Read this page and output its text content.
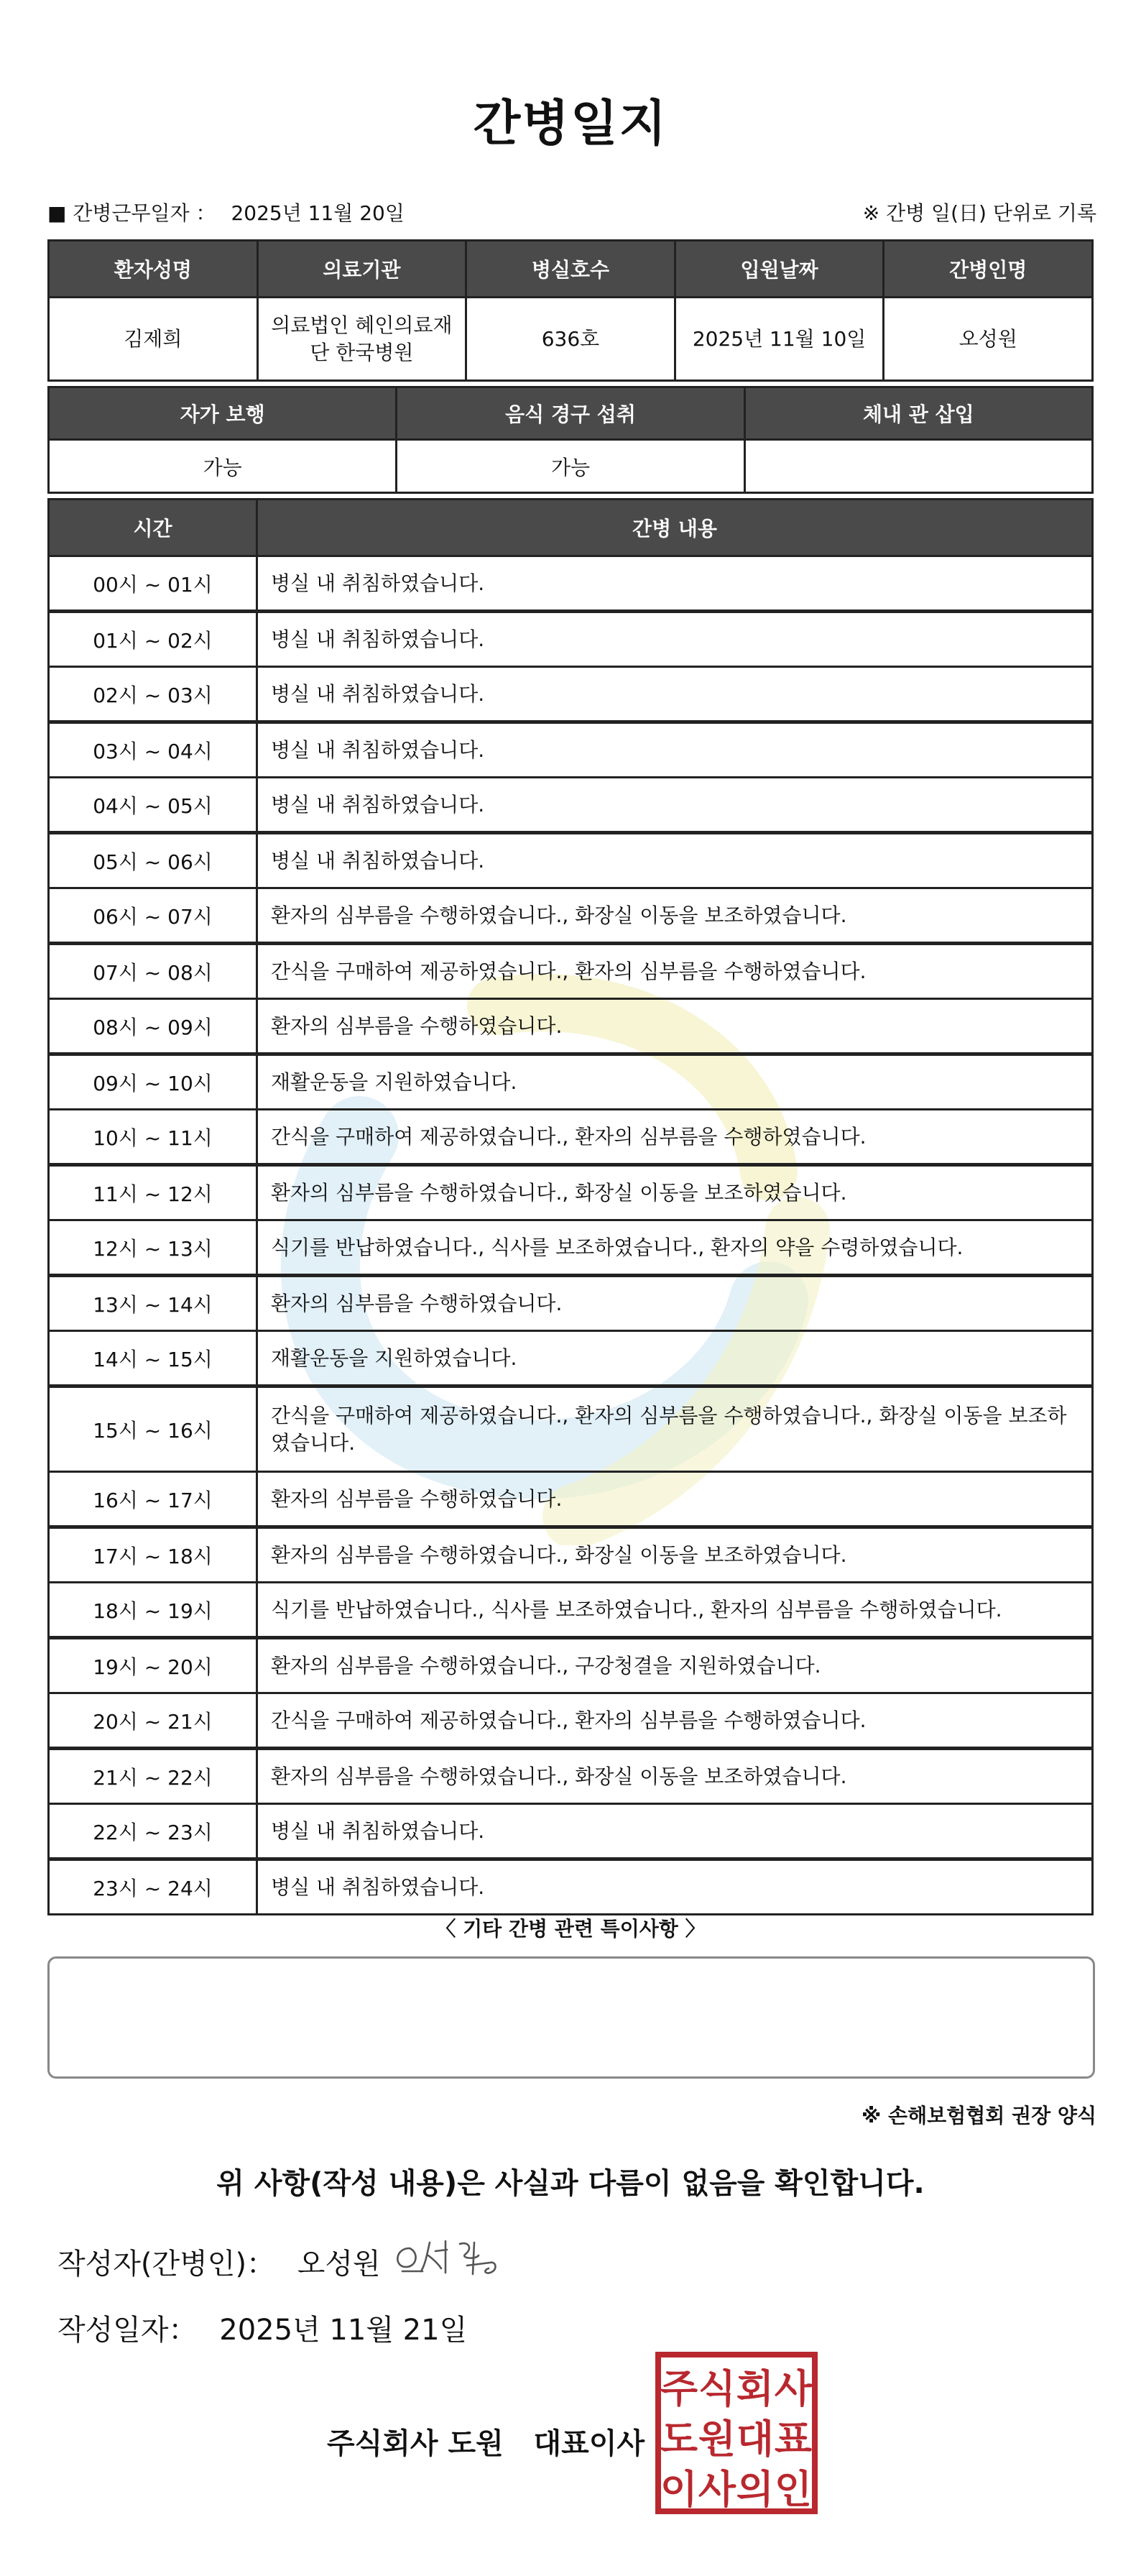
간병일지
■ 간병근무일자 ： 2025년 11월 20일	※ 간병 일(日) 단위로 기록
환자성명	의료기관	병실호수	입원날짜	간병인명
김제희	의료법인 혜인의료재단 한국병원	636호	2025년 11월 10일	오성원
자가 보행	음식 경구 섭취	체내 관 삽입
가능	가능	
시간	간병 내용
00시 ~ 01시	병실 내 취침하였습니다.
01시 ~ 02시	병실 내 취침하였습니다.
02시 ~ 03시	병실 내 취침하였습니다.
03시 ~ 04시	병실 내 취침하였습니다.
04시 ~ 05시	병실 내 취침하였습니다.
05시 ~ 06시	병실 내 취침하였습니다.
06시 ~ 07시	환자의 심부름을 수행하였습니다., 화장실 이동을 보조하였습니다.
07시 ~ 08시	간식을 구매하여 제공하였습니다., 환자의 심부름을 수행하였습니다.
08시 ~ 09시	환자의 심부름을 수행하였습니다.
09시 ~ 10시	재활운동을 지원하였습니다.
10시 ~ 11시	간식을 구매하여 제공하였습니다., 환자의 심부름을 수행하였습니다.
11시 ~ 12시	환자의 심부름을 수행하였습니다., 화장실 이동을 보조하였습니다.
12시 ~ 13시	식기를 반납하였습니다., 식사를 보조하였습니다., 환자의 약을 수령하였습니다.
13시 ~ 14시	환자의 심부름을 수행하였습니다.
14시 ~ 15시	재활운동을 지원하였습니다.
15시 ~ 16시	간식을 구매하여 제공하였습니다., 환자의 심부름을 수행하였습니다., 화장실 이동을 보조하였습니다.
16시 ~ 17시	환자의 심부름을 수행하였습니다.
17시 ~ 18시	환자의 심부름을 수행하였습니다., 화장실 이동을 보조하였습니다.
18시 ~ 19시	식기를 반납하였습니다., 식사를 보조하였습니다., 환자의 심부름을 수행하였습니다.
19시 ~ 20시	환자의 심부름을 수행하였습니다., 구강청결을 지원하였습니다.
20시 ~ 21시	간식을 구매하여 제공하였습니다., 환자의 심부름을 수행하였습니다.
21시 ~ 22시	환자의 심부름을 수행하였습니다., 화장실 이동을 보조하였습니다.
22시 ~ 23시	병실 내 취침하였습니다.
23시 ~ 24시	병실 내 취침하였습니다.
〈 기타 간병 관련 특이사항 〉
※ 손해보험협회 권장 양식
위 사항(작성 내용)은 사실과 다름이 없음을 확인합니다.
작성자(간병인)： 오성원
작성일자： 2025년 11월 21일
주식회사 도원   대표이사
주 식 회 사
도 원 대 표
이 사 의 인
